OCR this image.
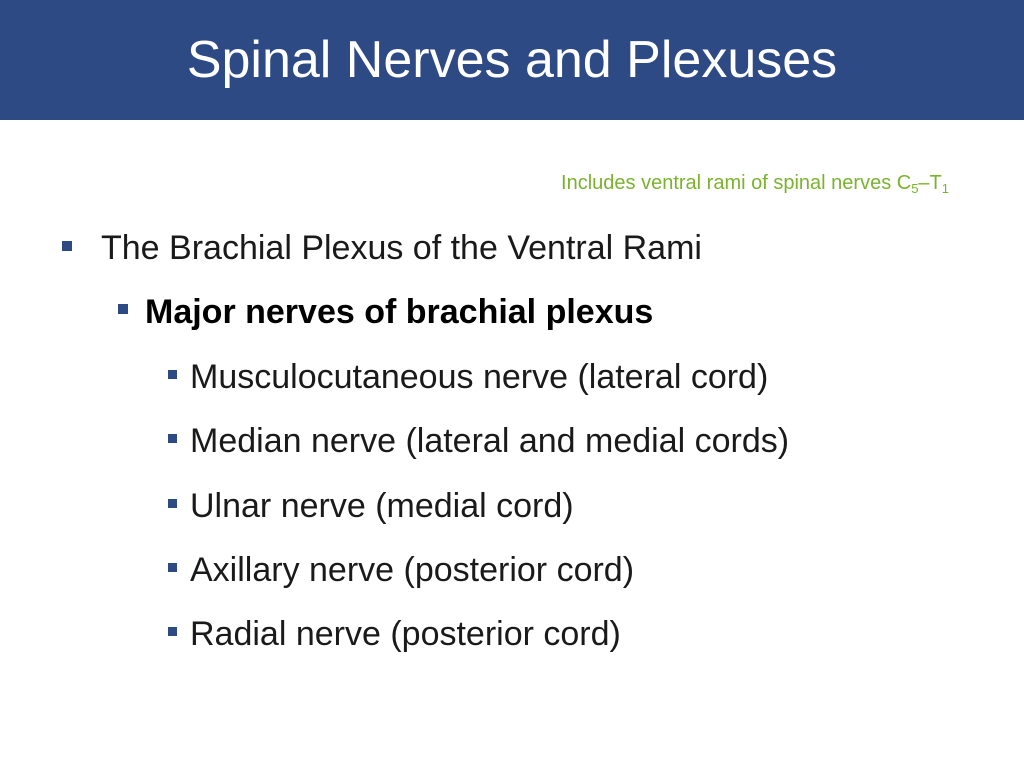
Spinal Nerves and Plexuses
Includes ventral rami of spinal nerves $C_5-T_1$
The Brachial Plexus of the Ventral Rami
Major nerves of brachial plexus
Musculocutaneous nerve (lateral cord)
Median nerve (lateral and medial cords)
Ulnar nerve (medial cord)
Axillary nerve (posterior cord)
Radial nerve (posterior cord)
